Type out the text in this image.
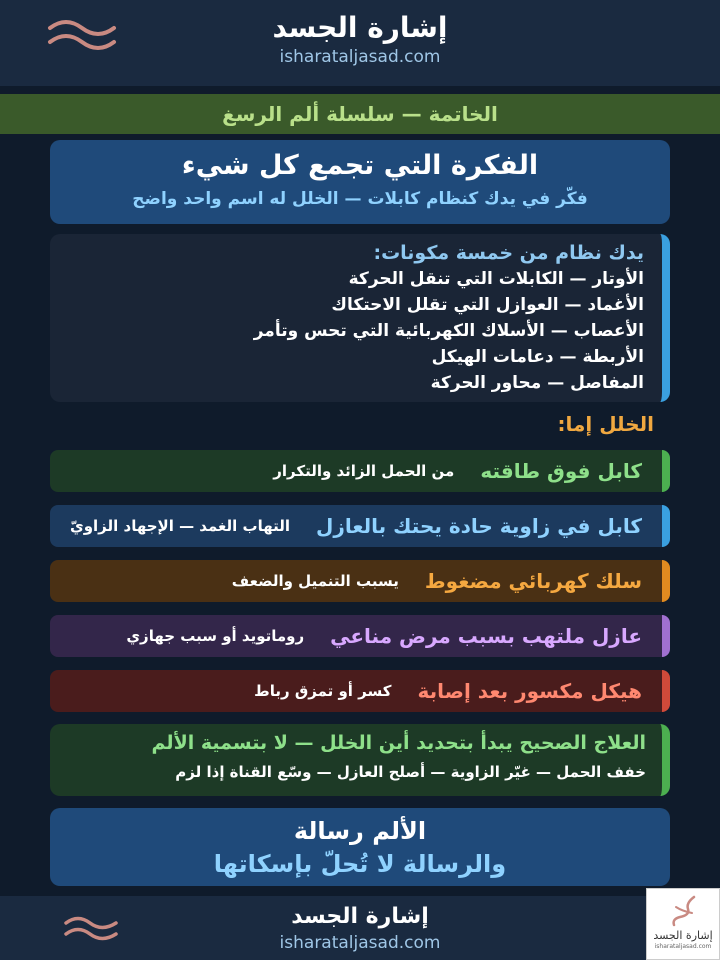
إشارة الجسد
isharataljasad.com
الخاتمة — سلسلة ألم الرسغ
الفكرة التي تجمع كل شيء
فكّر في يدك كنظام كابلات — الخلل له اسم واحد واضح
يدك نظام من خمسة مكونات:
الأوتار — الكابلات التي تنقل الحركة
الأغماد — العوازل التي تقلل الاحتكاك
الأعصاب — الأسلاك الكهربائية التي تحس وتأمر
الأربطة — دعامات الهيكل
المفاصل — محاور الحركة
الخلل إما:
كابل فوق طاقته
من الحمل الزائد والتكرار
كابل في زاوية حادة يحتك بالعازل
التهاب الغمد — الإجهاد الزاويّ
سلك كهربائي مضغوط
يسبب التنميل والضعف
عازل ملتهب بسبب مرض مناعي
روماتويد أو سبب جهازي
هيكل مكسور بعد إصابة
كسر أو تمزق رباط
العلاج الصحيح يبدأ بتحديد أين الخلل — لا بتسمية الألم
خفف الحمل — غيّر الزاوية — أصلح العازل — وسّع القناة إذا لزم
الألم رسالة
والرسالة لا تُحلّ بإسكاتها
إشارة الجسد
isharataljasad.com	إشارة الجسد
isharataljasad.com
